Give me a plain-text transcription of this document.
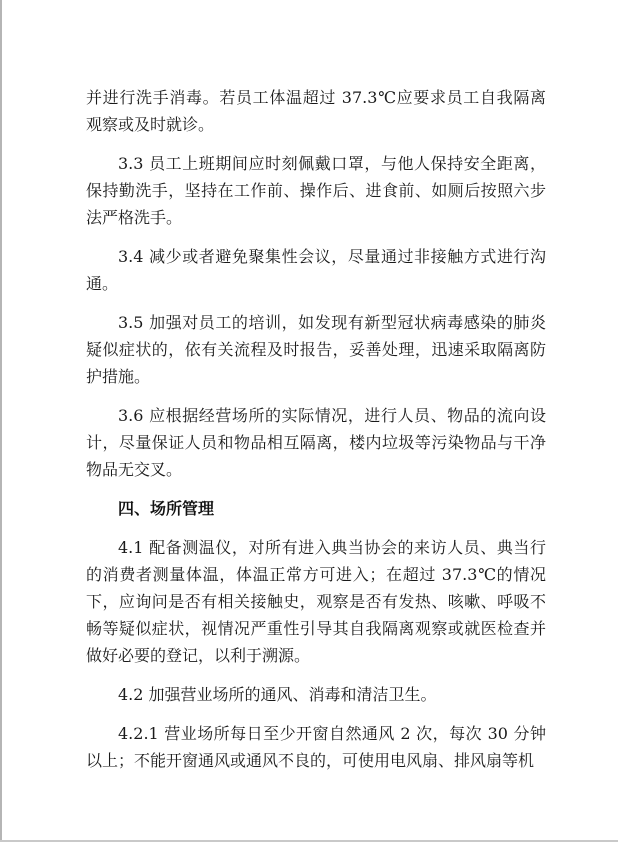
并进行洗手消毒。若员工体温超过 37.3℃应要求员工自我隔离
观察或及时就诊。
3.3 员工上班期间应时刻佩戴口罩，与他人保持安全距离，
保持勤洗手，坚持在工作前、操作后、进食前、如厕后按照六步
法严格洗手。
3.4 减少或者避免聚集性会议，尽量通过非接触方式进行沟
通。
3.5 加强对员工的培训，如发现有新型冠状病毒感染的肺炎
疑似症状的，依有关流程及时报告，妥善处理，迅速采取隔离防
护措施。
3.6 应根据经营场所的实际情况，进行人员、物品的流向设
计，尽量保证人员和物品相互隔离，楼内垃圾等污染物品与干净
物品无交叉。
四、场所管理
4.1 配备测温仪，对所有进入典当协会的来访人员、典当行
的消费者测量体温，体温正常方可进入；在超过 37.3℃的情况
下，应询问是否有相关接触史，观察是否有发热、咳嗽、呼吸不
畅等疑似症状，视情况严重性引导其自我隔离观察或就医检查并
做好必要的登记，以利于溯源。
4.2 加强营业场所的通风、消毒和清洁卫生。
4.2.1 营业场所每日至少开窗自然通风 2 次，每次 30 分钟
以上；不能开窗通风或通风不良的，可使用电风扇、排风扇等机
